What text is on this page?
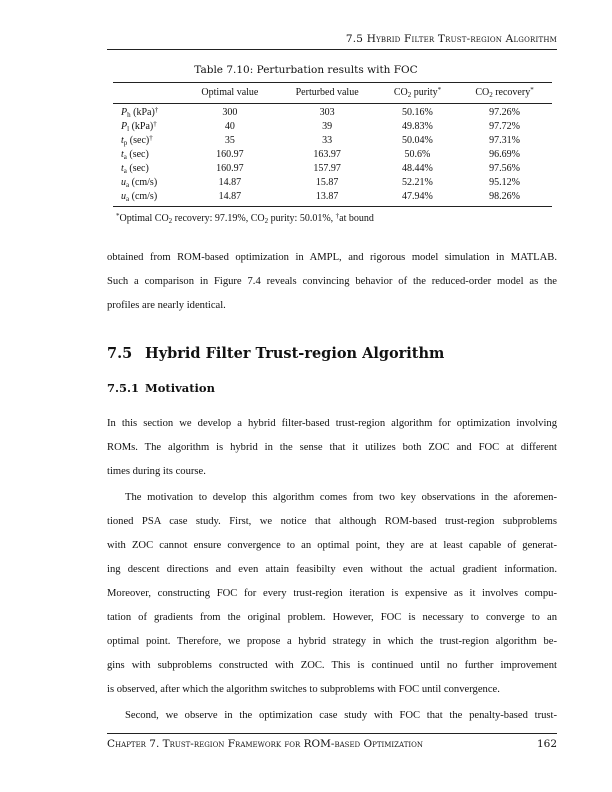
7.5 Hybrid Filter Trust-region Algorithm
Table 7.10: Perturbation results with FOC
	Optimal value	Perturbed value	$CO_2$ purity*	$CO_2$ recovery*
$P_h$ (kPa)†	300	303	50.16%	97.26%
$P_l$ (kPa)†	40	39	49.83%	97.72%
$t_p$ (sec)†	35	33	50.04%	97.31%
$t_a$ (sec)	160.97	163.97	50.6%	96.69%
$t_a$ (sec)	160.97	157.97	48.44%	97.56%
$u_a$ (cm/s)	14.87	15.87	52.21%	95.12%
$u_a$ (cm/s)	14.87	13.87	47.94%	98.26%
*Optimal $CO_2$ recovery: 97.19%, $CO_2$ purity: 50.01%, †at bound
7.5 Hybrid Filter Trust-region Algorithm
7.5.1 Motivation
obtained from ROM-based optimization in AMPL, and rigorous model simulation in MATLAB.
Such a comparison in Figure 7.4 reveals convincing behavior of the reduced-order model as the
profiles are nearly identical.
In this section we develop a hybrid filter-based trust-region algorithm for optimization involving
ROMs. The algorithm is hybrid in the sense that it utilizes both ZOC and FOC at different
times during its course.
The motivation to develop this algorithm comes from two key observations in the aforemen-
tioned PSA case study. First, we notice that although ROM-based trust-region subproblems
with ZOC cannot ensure convergence to an optimal point, they are at least capable of generat-
ing descent directions and even attain feasibilty even without the actual gradient information.
Moreover, constructing FOC for every trust-region iteration is expensive as it involves compu-
tation of gradients from the original problem. However, FOC is necessary to converge to an
optimal point. Therefore, we propose a hybrid strategy in which the trust-region algorithm be-
gins with subproblems constructed with ZOC. This is continued until no further improvement
is observed, after which the algorithm switches to subproblems with FOC until convergence.
Second, we observe in the optimization case study with FOC that the penalty-based trust-
Chapter 7. Trust-region Framework for ROM-based Optimization	162
